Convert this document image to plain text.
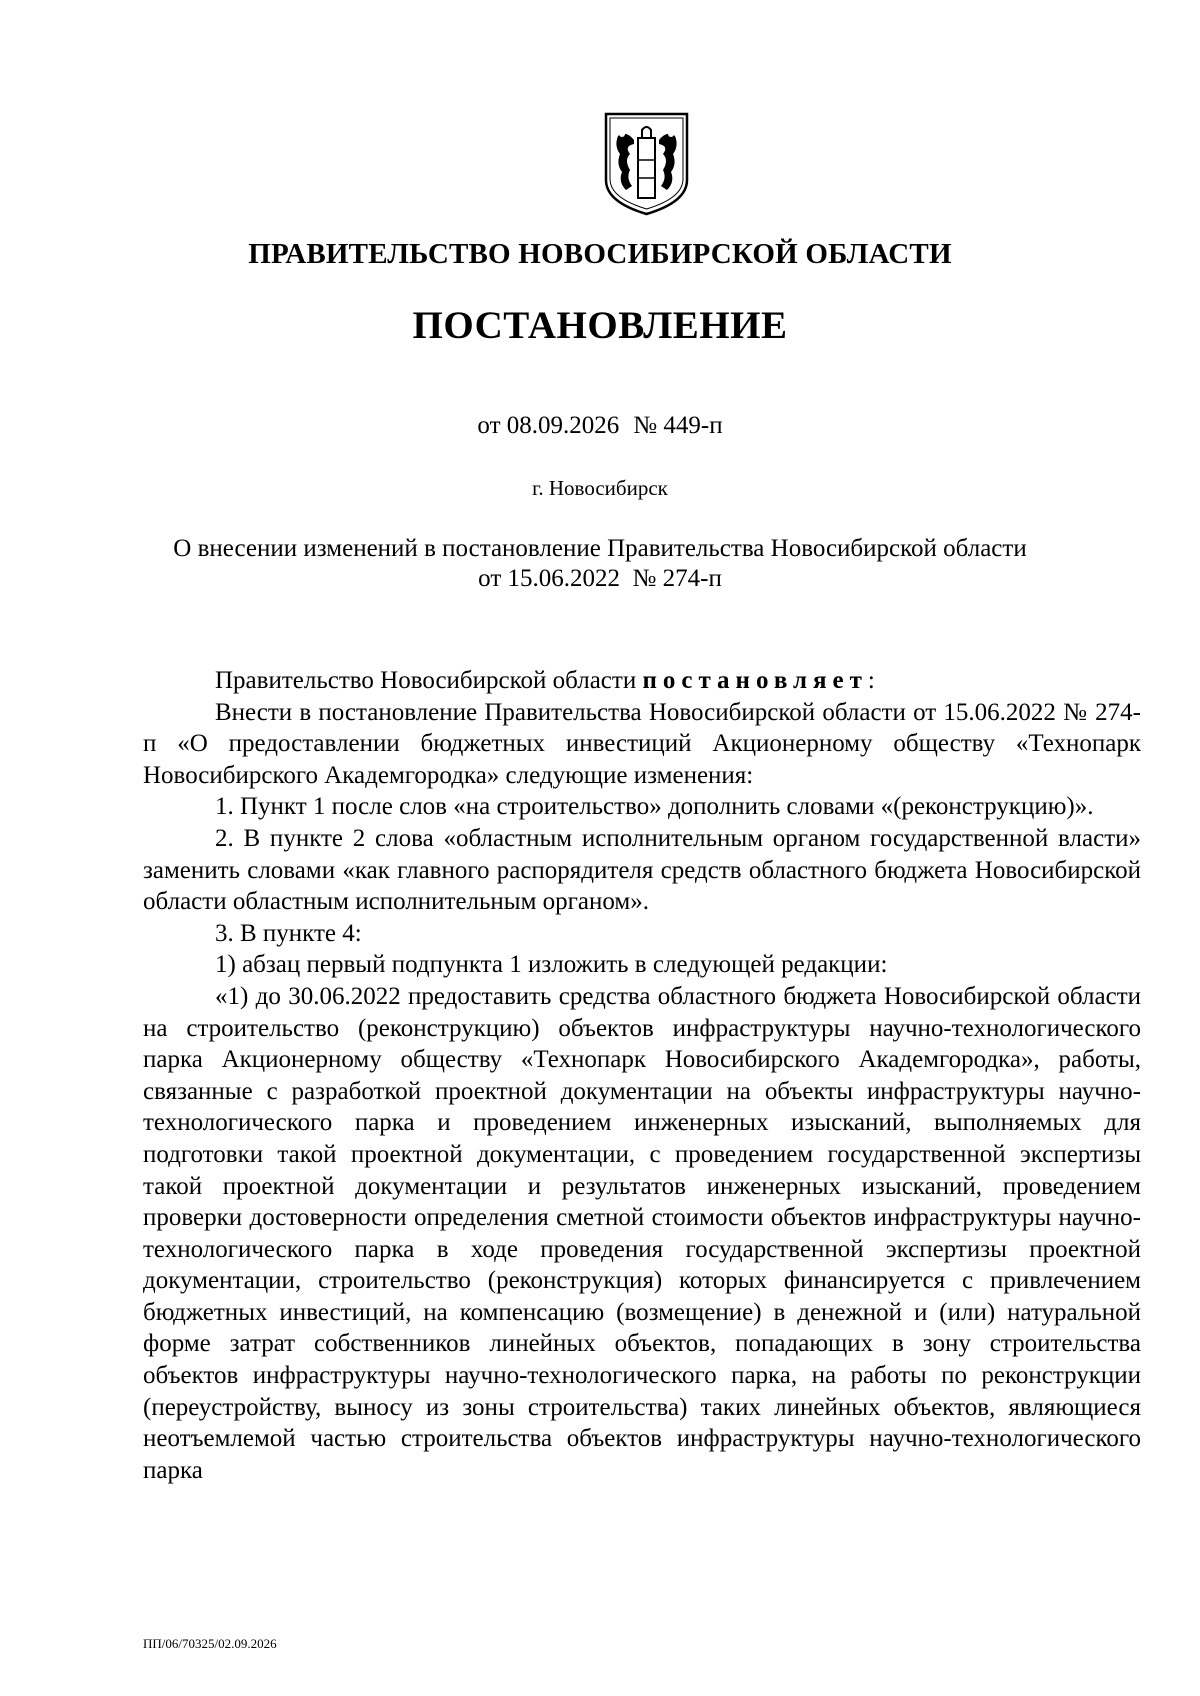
ПРАВИТЕЛЬСТВО НОВОСИБИРСКОЙ ОБЛАСТИ
ПОСТАНОВЛЕНИЕ
от 08.09.2026 № 449-п
г. Новосибирск
О внесении изменений в постановление Правительства Новосибирской области
от 15.06.2022  № 274-п

Правительство Новосибирской области постановляет:

Внести в постановление Правительства Новосибирской области от 15.06.2022 № 274-п «О предоставлении бюджетных инвестиций Акционерному обществу «Технопарк Новосибирского Академгородка» следующие изменения:

1. Пункт 1 после слов «на строительство» дополнить словами «(реконструкцию)».

2. В пункте 2 слова «областным исполнительным органом государственной власти» заменить словами «как главного распорядителя средств областного бюджета Новосибирской области областным исполнительным органом».

3. В пункте 4:

1) абзац первый подпункта 1 изложить в следующей редакции:

«1) до 30.06.2022 предоставить средства областного бюджета Новосибирской области на строительство (реконструкцию) объектов инфраструктуры научно-технологического парка Акционерному обществу «Технопарк Новосибирского Академгородка», работы, связанные с разработкой проектной документации на объекты инфраструктуры научно-технологического парка и проведением инженерных изысканий, выполняемых для подготовки такой проектной документации, с проведением государственной экспертизы такой проектной документации и результатов инженерных изысканий, проведением проверки достоверности определения сметной стоимости объектов инфраструктуры научно-технологического парка в ходе проведения государственной экспертизы проектной документации, строительство (реконструкция) которых финансируется с привлечением бюджетных инвестиций, на компенсацию (возмещение) в денежной и (или) натуральной форме затрат собственников линейных объектов, попадающих в зону строительства объектов инфраструктуры научно-технологического парка, на работы по реконструкции (переустройству, выносу из зоны строительства) таких линейных объектов, являющиеся неотъемлемой частью строительства объектов инфраструктуры научно-технологического парка

ПП/06/70325/02.09.2026
